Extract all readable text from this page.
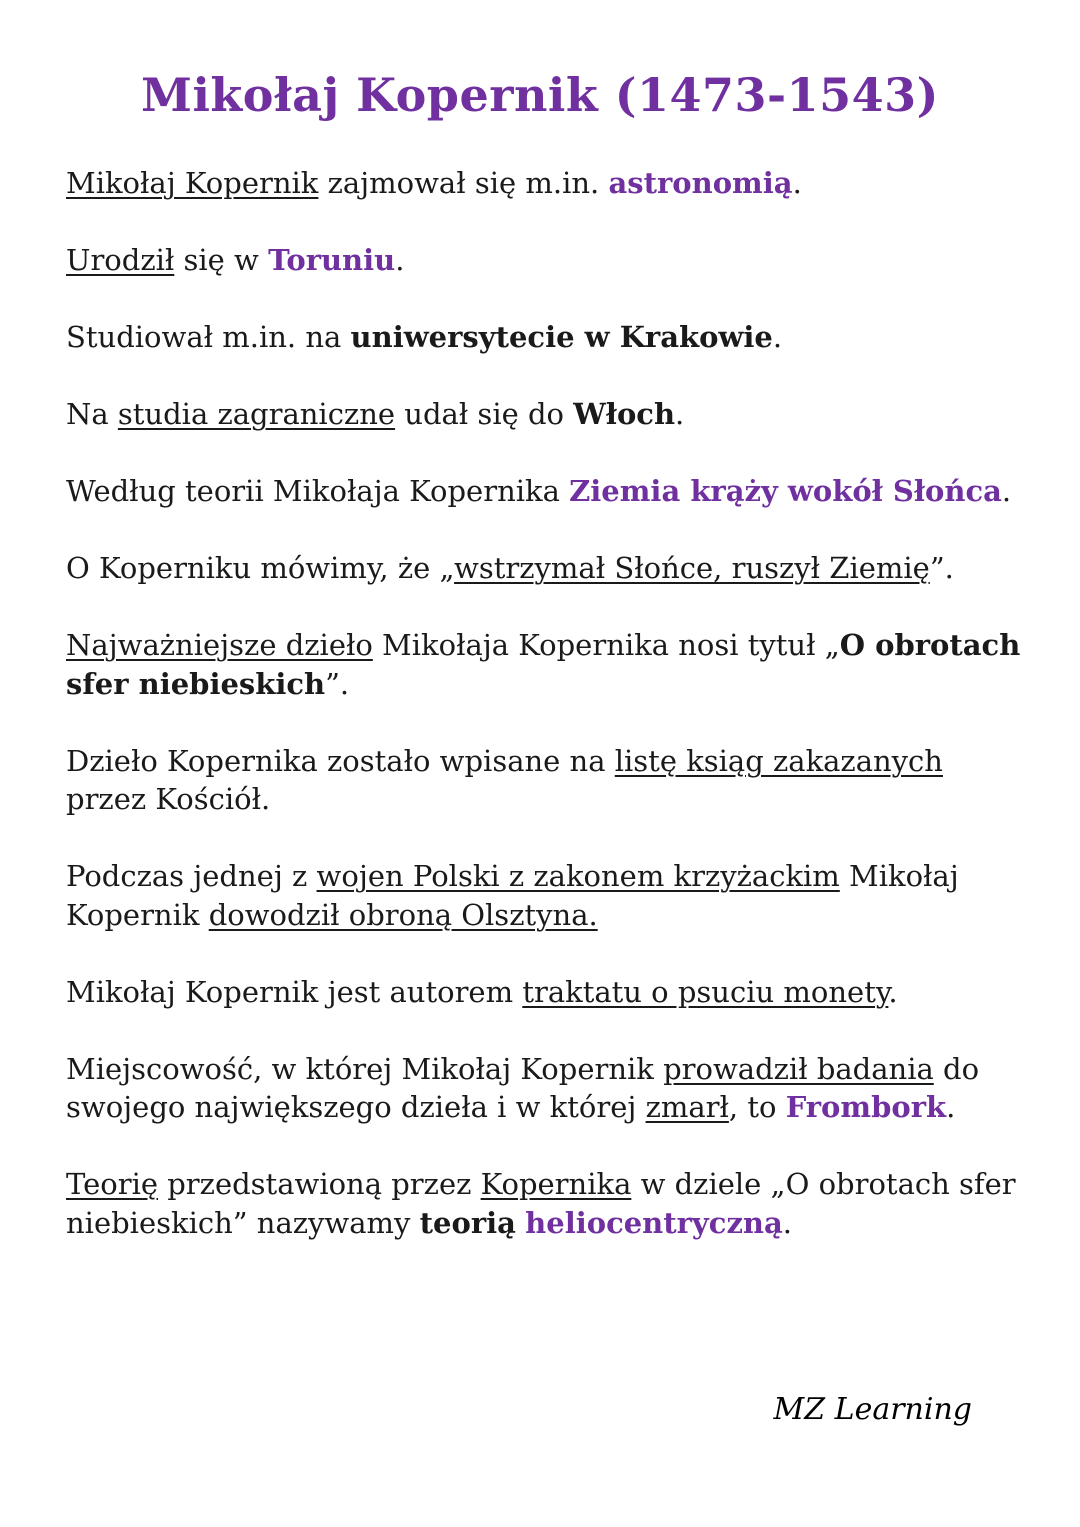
Mikołaj Kopernik (1473-1543)

Mikołaj Kopernik zajmował się m.in. astronomią.

Urodził się w Toruniu.

Studiował m.in. na uniwersytecie w Krakowie.

Na studia zagraniczne udał się do Włoch.

Według teorii Mikołaja Kopernika Ziemia krąży wokół Słońca.

O Koperniku mówimy, że „wstrzymał Słońce, ruszył Ziemię”.

Najważniejsze dzieło Mikołaja Kopernika nosi tytuł „O obrotach sfer niebieskich”.

Dzieło Kopernika zostało wpisane na listę ksiąg zakazanych przez Kościół.

Podczas jednej z wojen Polski z zakonem krzyżackim Mikołaj Kopernik dowodził obroną Olsztyna.

Mikołaj Kopernik jest autorem traktatu o psuciu monety.

Miejscowość, w której Mikołaj Kopernik prowadził badania do swojego największego dzieła i w której zmarł, to Frombork.

Teorię przedstawioną przez Kopernika w dziele „O obrotach sfer niebieskich” nazywamy teorią heliocentryczną.

MZ Learning
